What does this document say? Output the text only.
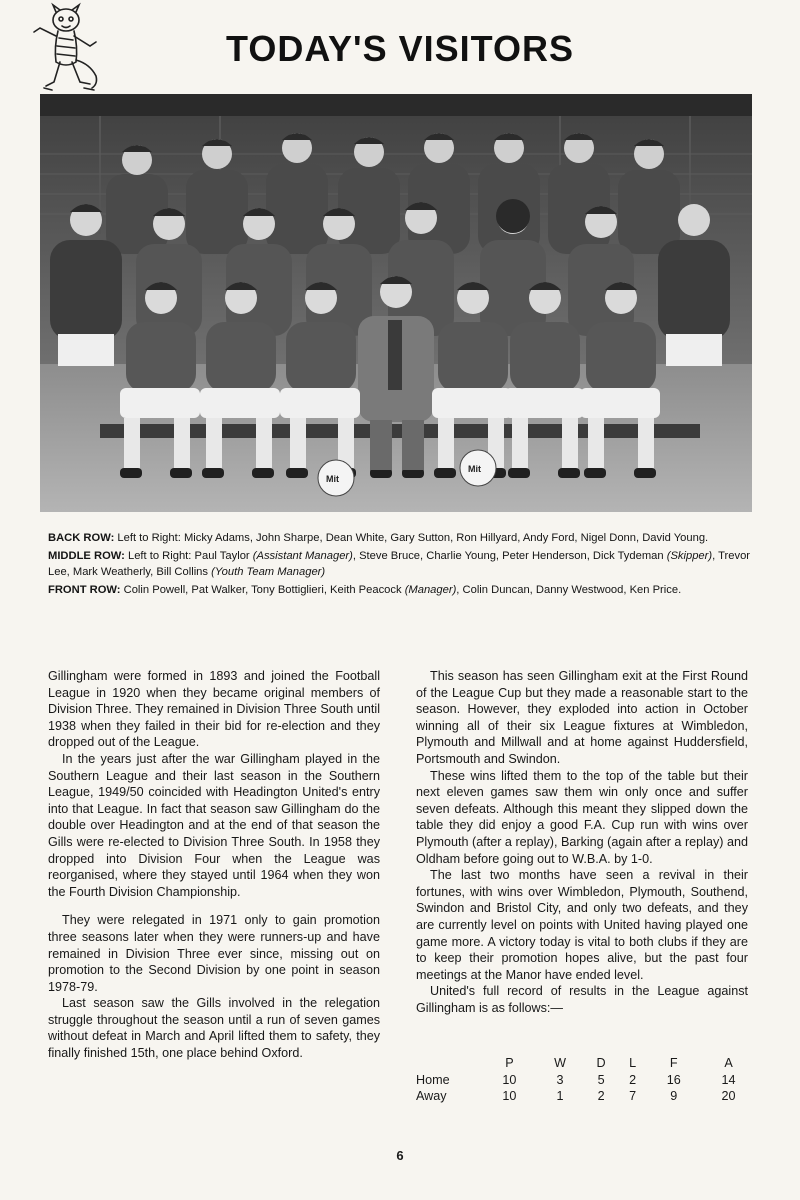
TODAY'S VISITORS
Mit
Mit

BACK ROW: Left to Right: Micky Adams, John Sharpe, Dean White, Gary Sutton, Ron Hillyard, Andy Ford, Nigel Donn, David Young.

MIDDLE ROW: Left to Right: Paul Taylor (Assistant Manager), Steve Bruce, Charlie Young, Peter Henderson, Dick Tydeman (Skipper), Trevor Lee, Mark Weatherly, Bill Collins (Youth Team Manager)

FRONT ROW: Colin Powell, Pat Walker, Tony Bottiglieri, Keith Peacock (Manager), Colin Duncan, Danny Westwood, Ken Price.

Gillingham were formed in 1893 and joined the Football League in 1920 when they became original members of Division Three. They remained in Division Three South until 1938 when they failed in their bid for re-election and they dropped out of the League.

In the years just after the war Gillingham played in the Southern League and their last season in the Southern League, 1949/50 coincided with Headington United's entry into that League. In fact that season saw Gillingham do the double over Headington and at the end of that season the Gills were re-elected to Division Three South. In 1958 they dropped into Division Four when the League was reorganised, where they stayed until 1964 when they won the Fourth Division Championship.

They were relegated in 1971 only to gain promotion three seasons later when they were runners-up and have remained in Division Three ever since, missing out on promotion to the Second Division by one point in season 1978-79.

Last season saw the Gills involved in the relegation struggle throughout the season until a run of seven games without defeat in March and April lifted them to safety, they finally finished 15th, one place behind Oxford.

This season has seen Gillingham exit at the First Round of the League Cup but they made a reasonable start to the season. However, they exploded into action in October winning all of their six League fixtures at Wimbledon, Plymouth and Millwall and at home against Huddersfield, Portsmouth and Swindon.

These wins lifted them to the top of the table but their next eleven games saw them win only once and suffer seven defeats. Although this meant they slipped down the table they did enjoy a good F.A. Cup run with wins over Plymouth (after a replay), Barking (again after a replay) and Oldham before going out to W.B.A. by 1-0.

The last two months have seen a revival in their fortunes, with wins over Wimbledon, Plymouth, Southend, Swindon and Bristol City, and only two defeats, and they are currently level on points with United having played one game more. A victory today is vital to both clubs if they are to keep their promotion hopes alive, but the past four meetings at the Manor have ended level.

United's full record of results in the League against Gillingham is as follows:—

	P	W	D	L	F	A
Home	10	3	5	2	16	14
Away	10	1	2	7	9	20
6
